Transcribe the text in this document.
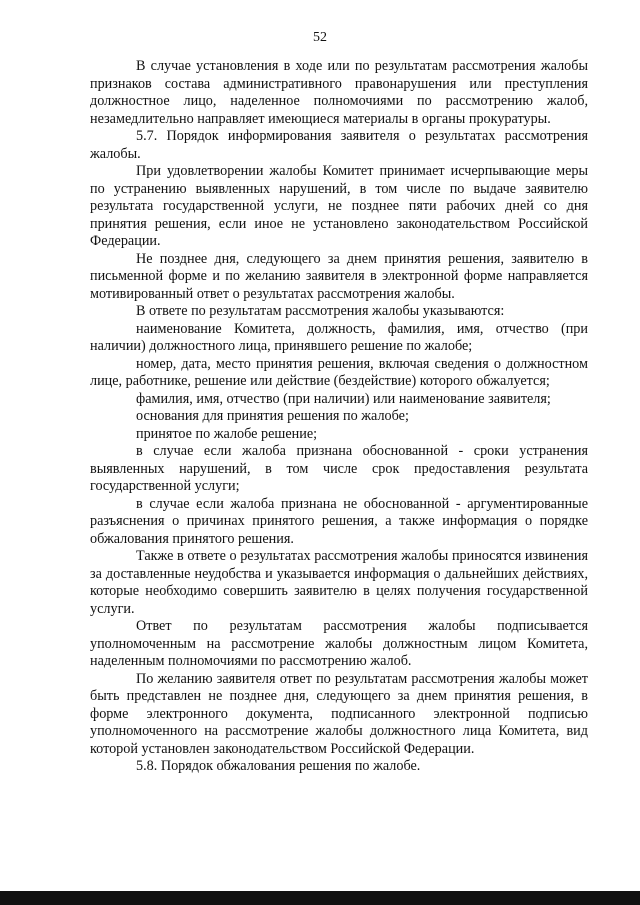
52

В случае установления в ходе или по результатам рассмотрения жалобы признаков состава административного правонарушения или преступления должностное лицо, наделенное полномочиями по рассмотрению жалоб, незамедлительно направляет имеющиеся материалы в органы прокуратуры.

5.7. Порядок информирования заявителя о результатах рассмотрения жалобы.

При удовлетворении жалобы Комитет принимает исчерпывающие меры по устранению выявленных нарушений, в том числе по выдаче заявителю результата государственной услуги, не позднее пяти рабочих дней со дня принятия решения, если иное не установлено законодательством Российской Федерации.

Не позднее дня, следующего за днем принятия решения, заявителю в письменной форме и по желанию заявителя в электронной форме направляется мотивированный ответ о результатах рассмотрения жалобы.

В ответе по результатам рассмотрения жалобы указываются:

наименование Комитета, должность, фамилия, имя, отчество (при наличии) должностного лица, принявшего решение по жалобе;

номер, дата, место принятия решения, включая сведения о должностном лице, работнике, решение или действие (бездействие) которого обжалуется;

фамилия, имя, отчество (при наличии) или наименование заявителя;

основания для принятия решения по жалобе;

принятое по жалобе решение;

в случае если жалоба признана обоснованной - сроки устранения выявленных нарушений, в том числе срок предоставления результата государственной услуги;

в случае если жалоба признана не обоснованной - аргументированные разъяснения о причинах принятого решения, а также информация о порядке обжалования принятого решения.

Также в ответе о результатах рассмотрения жалобы приносятся извинения за доставленные неудобства и указывается информация о дальнейших действиях, которые необходимо совершить заявителю в целях получения государственной услуги.

Ответ по результатам рассмотрения жалобы подписывается уполномоченным на рассмотрение жалобы должностным лицом Комитета, наделенным полномочиями по рассмотрению жалоб.

По желанию заявителя ответ по результатам рассмотрения жалобы может быть представлен не позднее дня, следующего за днем принятия решения, в форме электронного документа, подписанного электронной подписью уполномоченного на рассмотрение жалобы должностного лица Комитета, вид которой установлен законодательством Российской Федерации.

5.8. Порядок обжалования решения по жалобе.
